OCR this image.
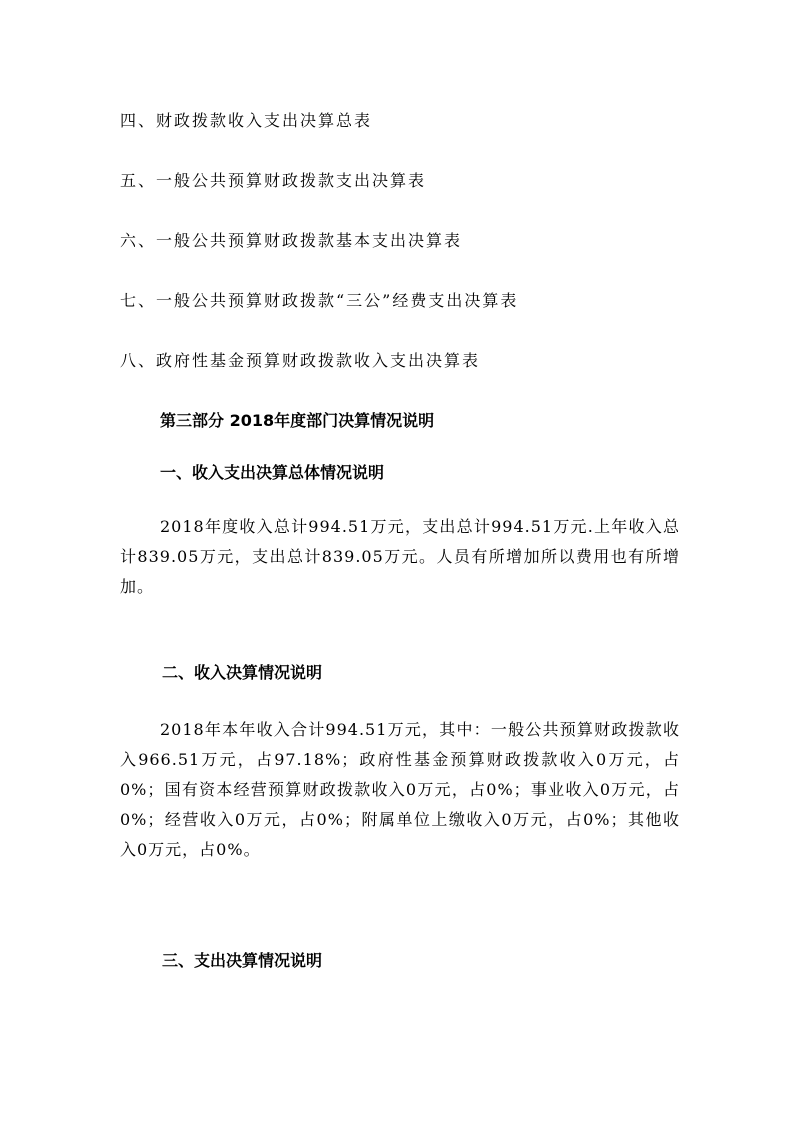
四、财政拨款收入支出决算总表
五、一般公共预算财政拨款支出决算表
六、一般公共预算财政拨款基本支出决算表
七、一般公共预算财政拨款“三公”经费支出决算表
八、政府性基金预算财政拨款收入支出决算表
第三部分 2018年度部门决算情况说明
一、收入支出决算总体情况说明
2018年度收入总计994.51万元，支出总计994.51万元.上年收入总计839.05万元，支出总计839.05万元。人员有所增加所以费用也有所增加。
二、收入决算情况说明
2018年本年收入合计994.51万元，其中：一般公共预算财政拨款收入966.51万元，占97.18%；政府性基金预算财政拨款收入0万元，占0%；国有资本经营预算财政拨款收入0万元，占0%；事业收入0万元，占0%；经营收入0万元，占0%；附属单位上缴收入0万元，占0%；其他收入0万元，占0%。
三、支出决算情况说明
